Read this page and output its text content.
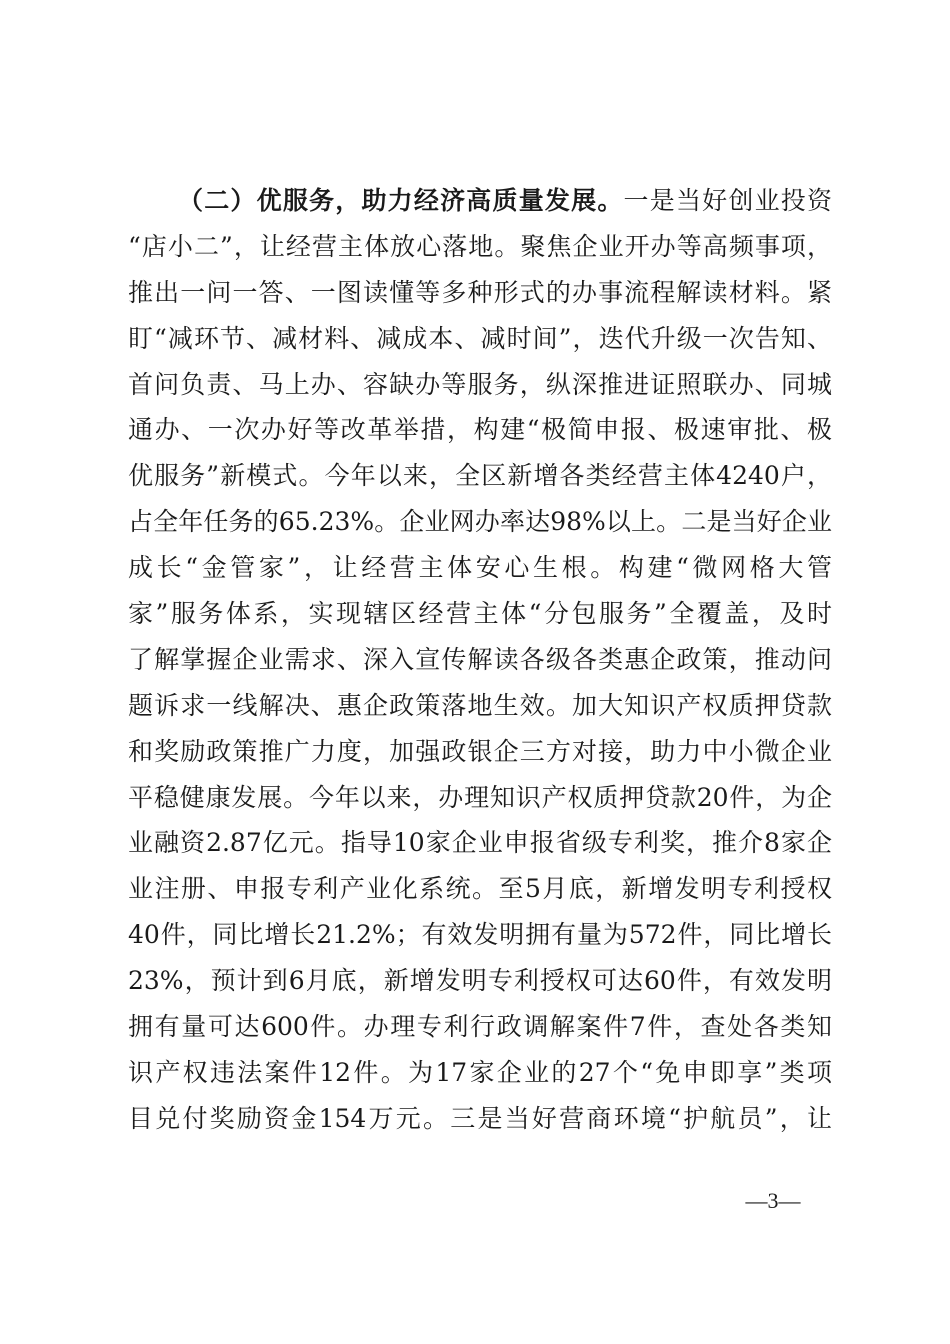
（二）优服务，助力经济高质量发展。一是当好创业投资
“店小二”，让经营主体放心落地。聚焦企业开办等高频事项，
推出一问一答、一图读懂等多种形式的办事流程解读材料。紧
盯“减环节、减材料、减成本、减时间”，迭代升级一次告知、
首问负责、马上办、容缺办等服务，纵深推进证照联办、同城
通办、一次办好等改革举措，构建“极简申报、极速审批、极
优服务”新模式。今年以来，全区新增各类经营主体4240户，
占全年任务的65.23%。企业网办率达98%以上。二是当好企业
成长“金管家”，让经营主体安心生根。构建“微网格大管
家”服务体系，实现辖区经营主体“分包服务”全覆盖，及时
了解掌握企业需求、深入宣传解读各级各类惠企政策，推动问
题诉求一线解决、惠企政策落地生效。加大知识产权质押贷款
和奖励政策推广力度，加强政银企三方对接，助力中小微企业
平稳健康发展。今年以来，办理知识产权质押贷款20件，为企
业融资2.87亿元。指导10家企业申报省级专利奖，推介8家企
业注册、申报专利产业化系统。至5月底，新增发明专利授权
40件，同比增长21.2%；有效发明拥有量为572件，同比增长
23%，预计到6月底，新增发明专利授权可达60件，有效发明
拥有量可达600件。办理专利行政调解案件7件，查处各类知
识产权违法案件12件。为17家企业的27个“免申即享”类项
目兑付奖励资金154万元。三是当好营商环境“护航员”，让
—3—
